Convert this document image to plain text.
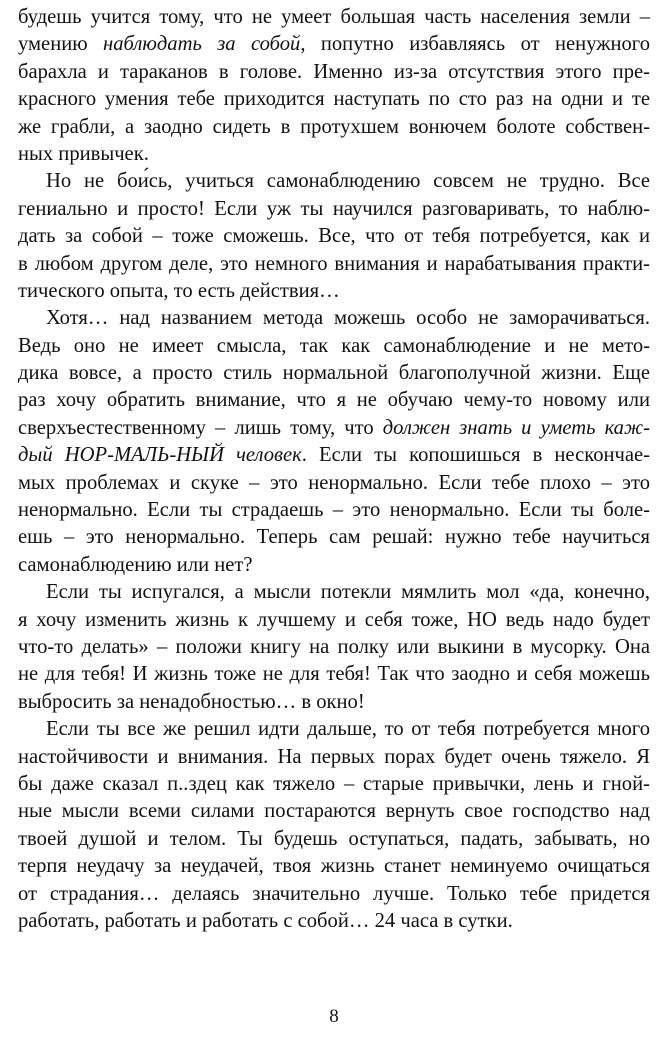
будешь учится тому, что не умеет большая часть населения земли –
умению наблюдать за собой, попутно избавляясь от ненужного
барахла и тараканов в голове. Именно из-за отсутствия этого пре-
красного умения тебе приходится наступать по сто раз на одни и те
же грабли, а заодно сидеть в протухшем вонючем болоте собствен-
ных привычек.
Но не бои́сь, учиться самонаблюдению совсем не трудно. Все
гениально и просто! Если уж ты научился разговаривать, то наблю-
дать за собой – тоже сможешь. Все, что от тебя потребуется, как и
в любом другом деле, это немного внимания и нарабатывания практи-
тического опыта, то есть действия…
Хотя… над названием метода можешь особо не заморачиваться.
Ведь оно не имеет смысла, так как самонаблюдение и не мето-
дика вовсе, а просто стиль нормальной благополучной жизни. Еще
раз хочу обратить внимание, что я не обучаю чему-то новому или
сверхъестественному – лишь тому, что должен знать и уметь каж-
дый НОР-МАЛЬ-НЫЙ человек. Если ты копошишься в нескончае-
мых проблемах и скуке – это ненормально. Если тебе плохо – это
ненормально. Если ты страдаешь – это ненормально. Если ты боле-
ешь – это ненормально. Теперь сам решай: нужно тебе научиться
самонаблюдению или нет?
Если ты испугался, а мысли потекли мямлить мол «да, конечно,
я хочу изменить жизнь к лучшему и себя тоже, НО ведь надо будет
что-то делать» – положи книгу на полку или выкини в мусорку. Она
не для тебя! И жизнь тоже не для тебя! Так что заодно и себя можешь
выбросить за ненадобностью… в окно!
Если ты все же решил идти дальше, то от тебя потребуется много
настойчивости и внимания. На первых порах будет очень тяжело. Я
бы даже сказал п..здец как тяжело – старые привычки, лень и гной-
ные мысли всеми силами постараются вернуть свое господство над
твоей душой и телом. Ты будешь оступаться, падать, забывать, но
терпя неудачу за неудачей, твоя жизнь станет неминуемо очищаться
от страдания… делаясь значительно лучше. Только тебе придется
работать, работать и работать с собой… 24 часа в сутки.
8
